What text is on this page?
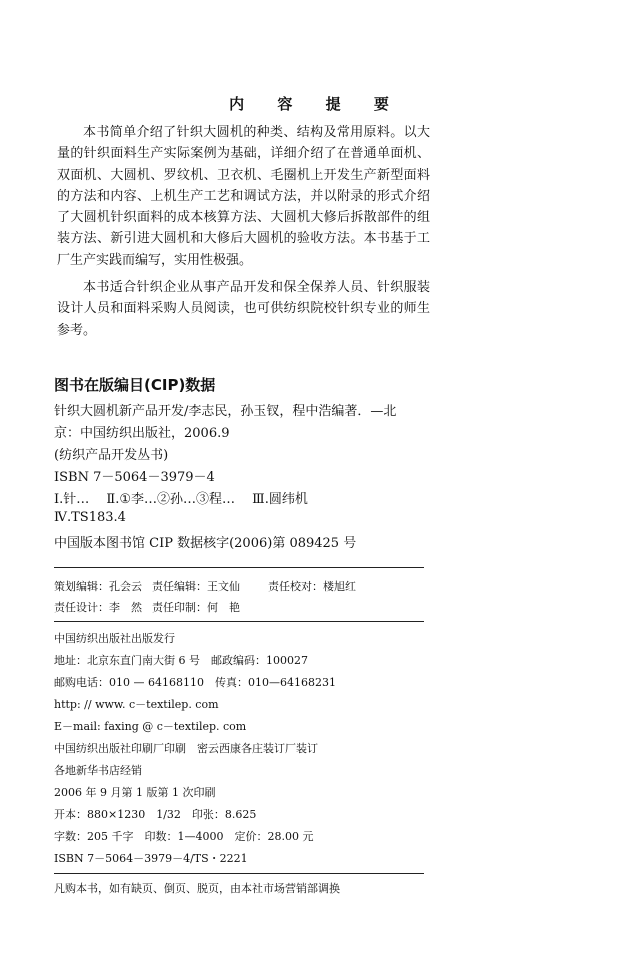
内 容 提 要

本书简单介绍了针织大圆机的种类、结构及常用原料。以大量的针织面料生产实际案例为基础，详细介绍了在普通单面机、双面机、大圆机、罗纹机、卫衣机、毛圈机上开发生产新型面料的方法和内容、上机生产工艺和调试方法，并以附录的形式介绍了大圆机针织面料的成本核算方法、大圆机大修后拆散部件的组装方法、新引进大圆机和大修后大圆机的验收方法。本书基于工厂生产实践而编写，实用性极强。

本书适合针织企业从事产品开发和保全保养人员、针织服装设计人员和面料采购人员阅读，也可供纺织院校针织专业的师生参考。

图书在版编目(CIP)数据
针织大圆机新产品开发/李志民，孙玉钗，程中浩编著．—北
京：中国纺织出版社，2006.9
(纺织产品开发丛书)
ISBN 7－5064－3979－4
Ⅰ.针…　 Ⅱ.①李…②孙…③程…　 Ⅲ.圆纬机
Ⅳ.TS183.4
中国版本图书馆 CIP 数据核字(2006)第 089425 号
策划编辑：孔会云 责任编辑：王文仙	责任校对：楼旭红
责任设计：李　然 责任印制：何　艳
中国纺织出版社出版发行
地址：北京东直门南大街 6 号　邮政编码：100027
邮购电话：010 — 64168110　传真：010—64168231
http: // www. c－textilep. com
E－mail: faxing @ c－textilep. com
中国纺织出版社印刷厂印刷　密云西康各庄装订厂装订
各地新华书店经销
2006 年 9 月第 1 版第 1 次印刷
开本：880×1230　1/32　印张：8.625
字数：205 千字　印数：1—4000　定价：28.00 元
ISBN 7－5064－3979－4/TS・2221
凡购本书，如有缺页、倒页、脱页，由本社市场营销部调换
